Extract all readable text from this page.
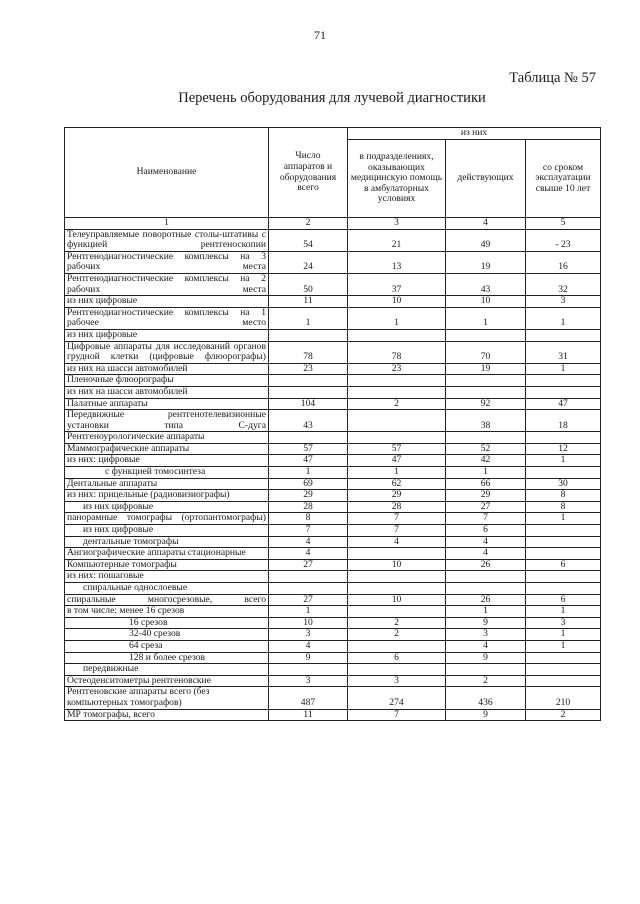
71
Таблица № 57
Перечень оборудования для лучевой диагностики
Наименование	Число аппаратов и оборудования всего	из них		
		в подразделениях, оказывающих медицинскую помощь в амбулаторных условиях	действующих	со сроком эксплуатации свыше 10 лет
1	2	3	4	5
Телеуправляемые поворотные столы-штативы с функцией рентгеноскопии	54	21	49	- 23
Рентгенодиагностические комплексы на 3 рабочих места	24	13	19	16
Рентгенодиагностические комплексы на 2 рабочих места	50	37	43	32
из них цифровые	11	10	10	3
Рентгенодиагностические комплексы на 1 рабочее место	1	1	1	1
из них цифровые				
Цифровые аппараты для исследований органов грудной клетки (цифровые флюорографы)	78	78	70	31
из них на шасси автомобилей	23	23	19	1
Пленочные флюорографы				
из них на шасси автомобилей				
Палатные аппараты	104	2	92	47
Передвижные рентгенотелевизионные установки типа С-дуга	43		38	18
Рентгеноурологические аппараты				
Маммографические аппараты	57	57	52	12
из них: цифровые	47	47	42	1
с функцией томосинтеза	1	1	1	
Дентальные аппараты	69	62	66	30
из них: прицельные (радиовизиографы)	29	29	29	8
из них цифровые	28	28	27	8
панорамные томографы (ортопантомографы)	8	7	7	1
из них цифровые	7	7	6	
дентальные томографы	4	4	4	
Ангиографические аппараты стационарные	4		4	
Компьютерные томографы	27	10	26	6
из них: пошаговые				
спиральные однослоевые				
спиральные многосрезовые, всего	27	10	26	6
в том числе: менее 16 срезов	1		1	1
16 срезов	10	2	9	3
32-40 срезов	3	2	3	1
64 среза	4		4	1
128 и более срезов	9	6	9	
передвижные				
Остеоденситометры рентгеновские	3	3	2	
Рентгеновские аппараты всего (без компьютерных томографов)	487	274	436	210
МР томографы, всего	11	7	9	2
